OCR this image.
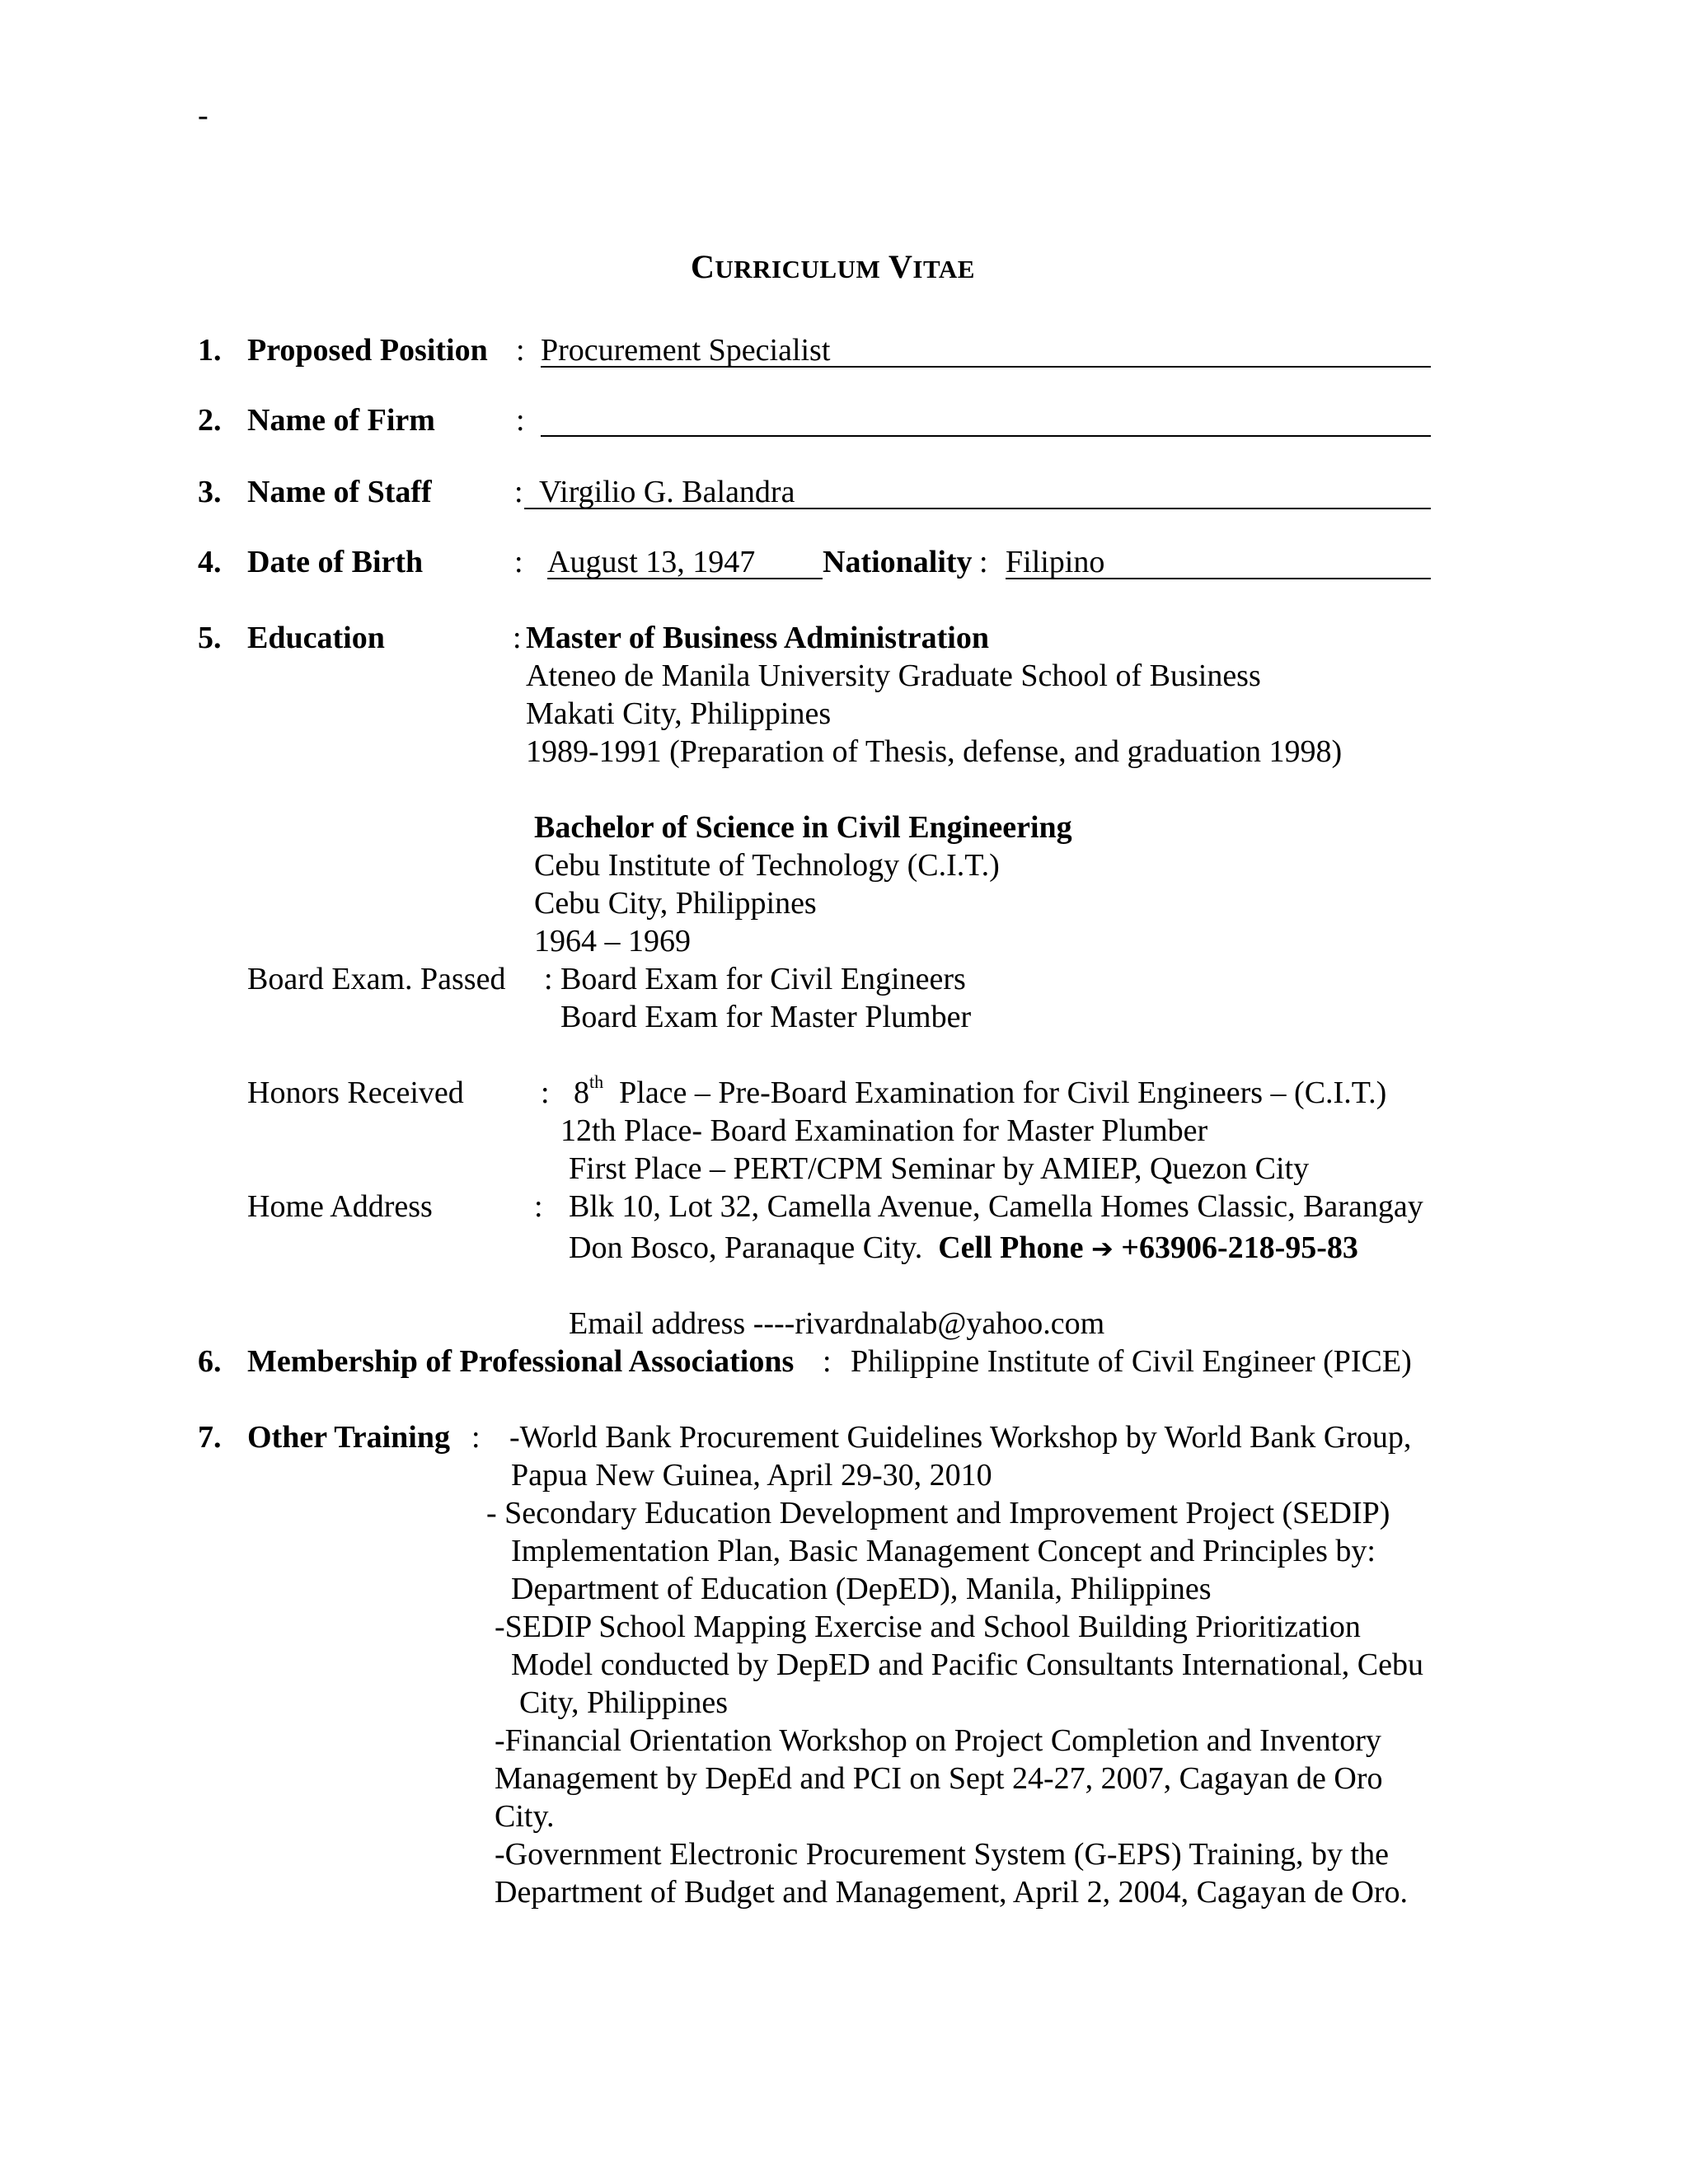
-
CURRICULUM VITAE
1. Proposed Position : Procurement Specialist
2. Name of Firm	:
3. Name of Staff	: Virgilio G. Balandra
4. Date of Birth	: August 13, 1947 Nationality : Filipino
5. Education	: Master of Business Administration
Ateneo de Manila University Graduate School of Business
Makati City, Philippines
1989-1991 (Preparation of Thesis, defense, and graduation 1998)
Bachelor of Science in Civil Engineering
Cebu Institute of Technology (C.I.T.)
Cebu City, Philippines
1964 – 1969
Board Exam. Passed : Board Exam for Civil Engineers
Board Exam for Master Plumber
Honors Received : 8th Place – Pre-Board Examination for Civil Engineers – (C.I.T.)
12th Place- Board Examination for Master Plumber
First Place – PERT/CPM Seminar by AMIEP, Quezon City
Home Address	: Blk 10, Lot 32, Camella Avenue, Camella Homes Classic, Barangay
Don Bosco, Paranaque City. Cell Phone ➔ +63906-218-95-83
Email address ----rivardnalab@yahoo.com
6. Membership of Professional Associations : Philippine Institute of Civil Engineer (PICE)
7. Other Training : -World Bank Procurement Guidelines Workshop by World Bank Group,
Papua New Guinea, April 29-30, 2010
- Secondary Education Development and Improvement Project (SEDIP)
Implementation Plan, Basic Management Concept and Principles by:
Department of Education (DepED), Manila, Philippines
-SEDIP School Mapping Exercise and School Building Prioritization
Model conducted by DepED and Pacific Consultants International, Cebu
City, Philippines
-Financial Orientation Workshop on Project Completion and Inventory
Management by DepEd and PCI on Sept 24-27, 2007, Cagayan de Oro
City.
-Government Electronic Procurement System (G-EPS) Training, by the
Department of Budget and Management, April 2, 2004, Cagayan de Oro.
